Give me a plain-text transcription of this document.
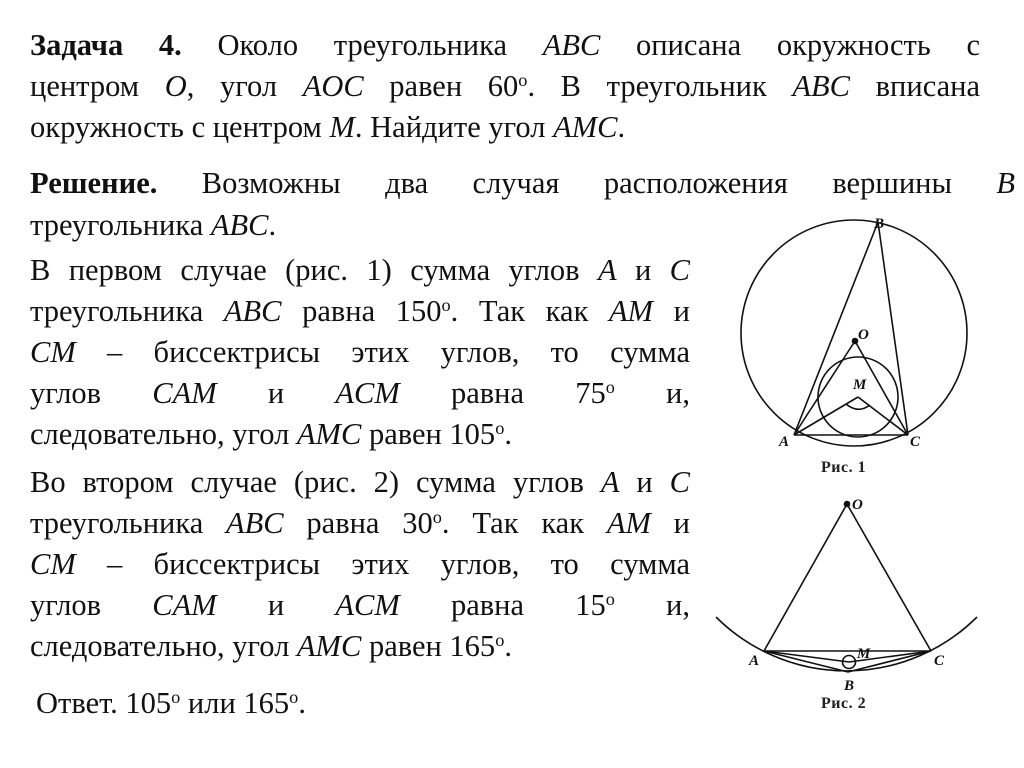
Задача 4. Около треугольника ABC описана окружность с
центром O, угол AOC равен 60$^o$. В треугольник ABC вписана
окружность с центром M. Найдите угол AMC.
Решение. Возможны два случая расположения вершины B
треугольника ABC.
В первом случае (рис. 1) сумма углов A и C
треугольника ABC равна 150$^o$. Так как AM и
CM – биссектрисы этих углов, то сумма
углов CAM и ACM равна 75$^o$ и,
следовательно, угол AMC равен 105$^o$.
Во втором случае (рис. 2) сумма углов A и C
треугольника ABC равна 30$^o$. Так как AM и
CM – биссектрисы этих углов, то сумма
углов CAM и ACM равна 15$^o$ и,
следовательно, угол AMC равен 165$^o$.
Ответ. 105$^o$ или 165$^o$.
B
O
M
A	C
Рис. 1
O
M
A	C
B
Рис. 2
